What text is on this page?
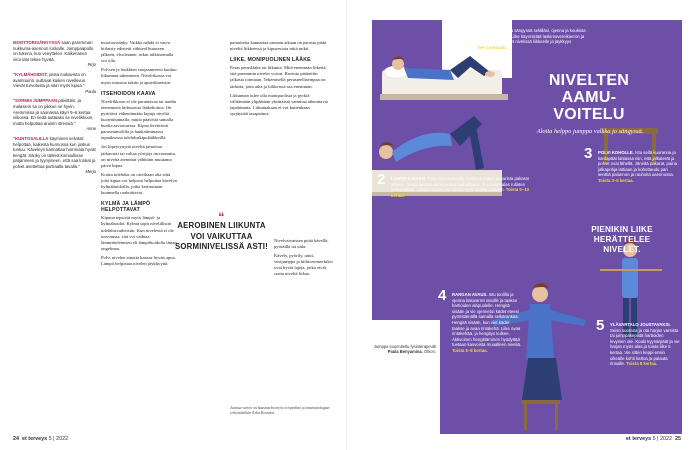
MOOTTORISÄNGYSSÄ saan paremman nukkuma-asennon lonkalle. Jumppaapollo on tukena, kun venyttelen. Kalkerianen virui tatu tekee hyvää.
Pirjo
"KYLMÄHOIDOT, joista mukavinta on avantouinti, auttavat kaiken nivelkivun. Vievät turvotusta ja näin myös kipua."
Paula
"SORMIA JUMPPAAN päivittäin, ja malasiein sa on pikkuri ne hyvin. Aremmissa ja saunassa käyn 5–6 kertaa viikossa. En tiedä auttaako se nivelikkoon, mutta helpottaa aniarin stressiä."
Anne
"KUNTOSALILLA käyminen selvästi helpottaa, kaikesta kunnossa kun joskus tuntuu. Käveleyn kannattaa hommata hyvät kengät. Sänky on tärkeä kumoullisse patjanneen ja tyynyineen, että saa lonkat ja polvet asettettua parhaalla tavalla."
Merja

moottorisänky. Vaikka nähdä ei vaiva hiilaisty edistetti vähiteollisuuteen jälkeen, elvoleanne, sekin tulkitsemalla voi olla.

Polvien ja lonkkien suojaamiseen kuuluu liikunnan tukeminen. Nivelrikossa voi myös tutustua tukiin ja apuvälineisiin.

ITSEHOIDON KAAVA

Nivelrikkoon ei ole parantavaa tai taudin etenemistä hidastavaa lääkehoitoa. On pyrittävä vähentämään kipuja niveltä kuormittamalla, mutta päätöstä samalla huolia arvioitaessa. Kipua lievittävät parasetamolilla ja hankalimmassa tapauksessa tulehduskipulääkkeillä.

Jos kipeytynyttä niveltä jumottaa jatkuvasti tai valtaa yösijoja turvonnutta, on niveltä aiemmat vähittäin muutama päivä kipua.

Koska tulehdus on oireiltaan alta siitä jotta kipua voi helposti helpottaa kävelyn kylmähoidoilla, jotka kertaustaan kuunnella rauhoittavat.

KYLMÄ JA LÄMPÖ HELPOTTAVAT

Kipuun tepsivät myös lämpö- ja kylmähoidot. Kylmä sopii nivelillisiin tulehdusvaiheisiin. Kun nivelessä ei ole turvotusta, sitä voi vaihtaa lämmittelemisen eli lämpöhoidolla ilman ongelmaa.

Polvi nivelen ainutta kanssa hyvän apua. Lämpö helpottaa nivelen jäykkyyttä.

patuotteita kannattaa samaan aikaan on parasta pitää niveltä liikkeessä ja kipuarviota niitä tutkii.

LIIKE, MONIPUOLINEN LÄÄKE

Paras peruslääke on liikunta. Mitä enemmän liikettä, sitä paremmin nivelet voivat. Ravinto päätettiin jalkasta toimiaan. Tekemisellä perusteellisempaa on tärkeää, jotta aika ja liikkeissä saa enemmän.

Liikunnan tulee olla monipuolista ja pyrkiä välttämään ylipäätään yksittäistä vammaa aiheuttavia tapahtumia. Liikuntakaan ei voi kuitenkaan syrjäyttää tasapainoa.

Nivelvaivaisten pitää kävellä, pyöräillä tai uida.

Kävely, pyörily, uinti, vesijumppa ja hiihtoesimerkiksi ovat hyviä lajeja, jotka eivät rasita niveliä liikaa.

“
AEROBINEN LIIKUNTA VOI VAIKUTTAA SORMINIVELISSÄ ASTI!
24 et terveys 5 | 2022
NIVELTEN AAMU-VOITELU
Aloita helppo jumppa valkka jo sängyssä.
PIENIKIN LIIKE HERÄTTELEE NIVELET.
1 NILKAT KOUKKUUN. Lepää sängyssä selälläsi, ojenna ja koukista polvet ja jalkoja vuorotellen. Liike käynnistää laskimovereikierron ja valkuttaa alaraajissa. Niesteet nivelissä liikkeelle ja jäykkyys helpottaa. Tee 1 minuutti.
2 LANTIO ILMAAN. Pysy selinmakuulla, koukista polvet ja purista pakarat yhteen. Nosta lantiota kohti kattoa rauhallisesti. Tuo lantio alas rullaten selkärankaa. Lantionnoston voi tehdä myös tuolilla nostaen. Toista 5–10 kertaa.
3 POLVI KOHOLLE. Istu sellä kuoranna ja kantapäät lattiassa niin, että jalkaterät ja polvet ovat lähellä. Jännitä pakarat, paina jalkapohja lattiaan ja kohottaudu pari senttiä palannon ja rauhoita asennossa. Toista 3–5 kertaa.
4 RANGAN AVAUS. Istu tuolilla ja ojenna käsivarret sivuille ja taakse hartioiden alapuolelle. Hengitä sisään ja vie ojennetut kädet eteesi pyöristämällä samalla selkärankaa. Hengitä sisään, kun viet kädet taakse ja avaa rintakehä. Liike ovaa rintakehää, ja hengitys kulkee. Aktivoinen hengittäminen hyödyttää tuetaan kasvoista muualleen niveliä. Toista 5–8 kertaa.
5 YLÄVARTALO JOUSTAVAKSI. Seiso suorana ja ota harjan varsista tai jumppakepistä hartioiden levyinen ote. Kouki kyynärpäät ja vie harjan myös alas ja toista liike 5 kertaa. Vie sitten keppi ensin oikealle kohti kattoa ja palauta rinnalle. Toista 8 kertaa.
Jumppa suunniteltu fysioterapeutti Paula Benyamina. Ohion.
Jutussa varten on haastateltu myös ortopedian ja traumatologian erikoislääkäri Eeka Kosonen.
et terveys 5 | 2022 25
